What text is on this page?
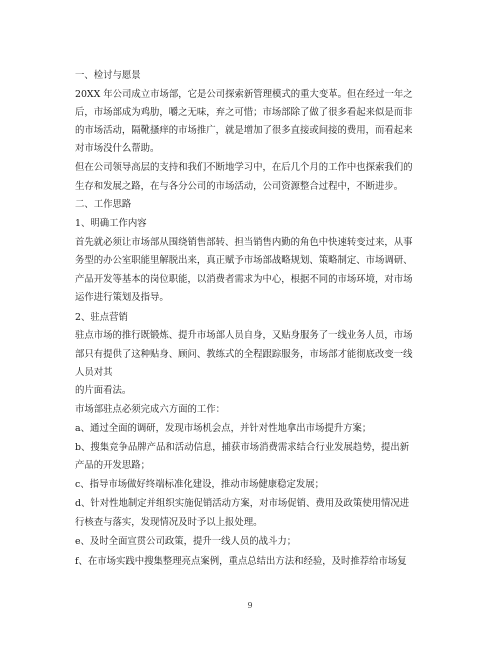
一、检讨与愿景
20XX 年公司成立市场部，它是公司探索新管理模式的重大变革。但在经过一年之
后，市场部成为鸡肋，嚼之无味，弃之可惜；市场部除了做了很多看起来似是而非
的市场活动，隔靴搔痒的市场推广，就是增加了很多直接或间接的费用，而看起来
对市场没什么帮助。
但在公司领导高层的支持和我们不断地学习中，在后几个月的工作中也探索我们的
生存和发展之路，在与各分公司的市场活动，公司资源整合过程中，不断进步。
二、工作思路
1、明确工作内容
首先就必须让市场部从围绕销售部转、担当销售内勤的角色中快速转变过来，从事
务型的办公室职能里解脱出来，真正赋予市场部战略规划、策略制定、市场调研、
产品开发等基本的岗位职能，以消费者需求为中心，根据不同的市场环境，对市场
运作进行策划及指导。
2、驻点营销
驻点市场的推行既锻炼、提升市场部人员自身，又贴身服务了一线业务人员，市场
部只有提供了这种贴身、顾问、教练式的全程跟踪服务，市场部才能彻底改变一线
人员对其
的片面看法。
市场部驻点必须完成六方面的工作：
a、通过全面的调研，发现市场机会点，并针对性地拿出市场提升方案；
b、搜集竞争品牌产品和活动信息，捕获市场消费需求结合行业发展趋势，提出新
产品的开发思路；
c、指导市场做好终端标准化建设，推动市场健康稳定发展；
d、针对性地制定并组织实施促销活动方案，对市场促销、费用及政策使用情况进
行核查与落实，发现情况及时予以上报处理。
e、及时全面宣贯公司政策，提升一线人员的战斗力；
f、在市场实践中搜集整理亮点案例，重点总结出方法和经验，及时推荐给市场复
9
